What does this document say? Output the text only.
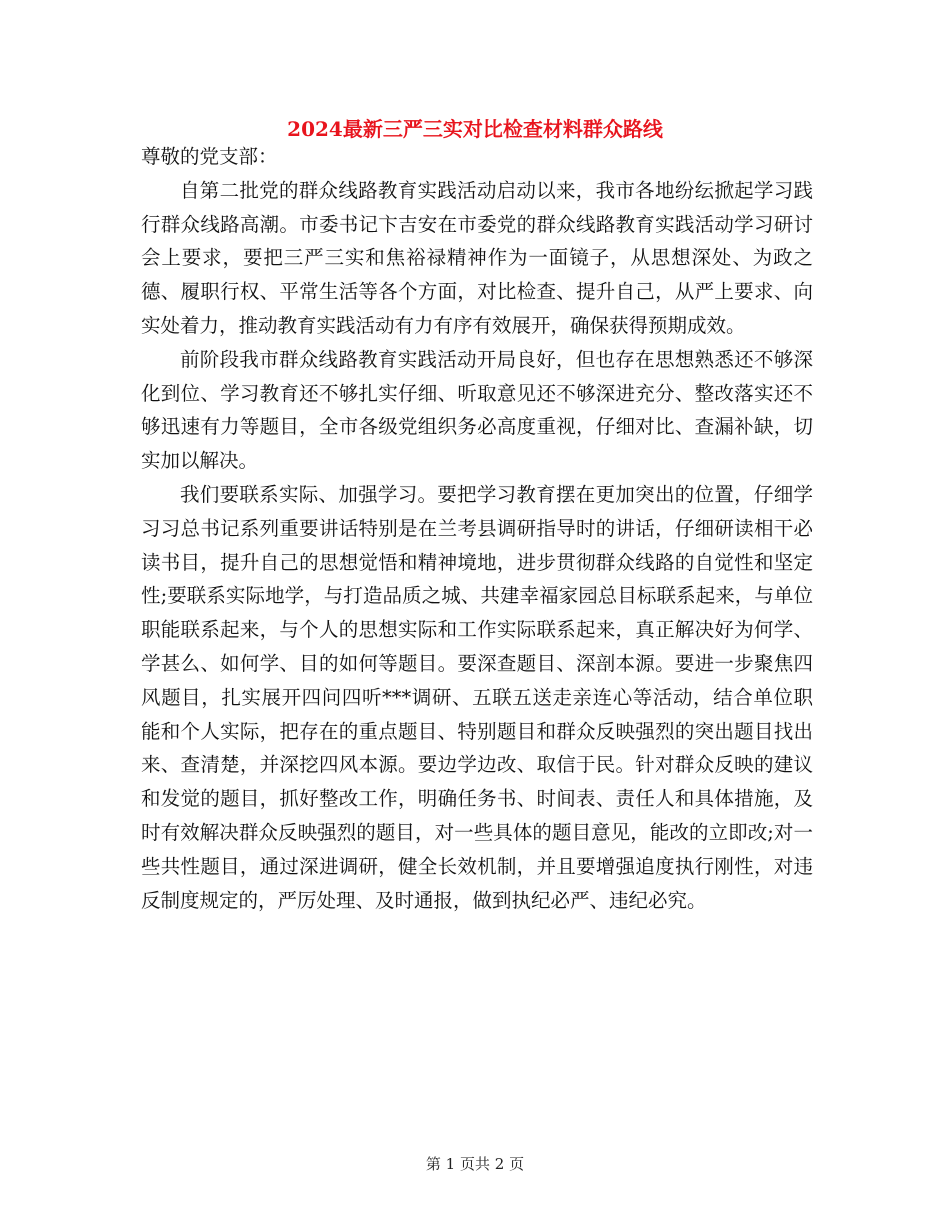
2024最新三严三实对比检查材料群众路线

尊敬的党支部：

自第二批党的群众线路教育实践活动启动以来，我市各地纷纭掀起学习践行群众线路高潮。市委书记卞吉安在市委党的群众线路教育实践活动学习研讨会上要求，要把三严三实和焦裕禄精神作为一面镜子，从思想深处、为政之德、履职行权、平常生活等各个方面，对比检查、提升自己，从严上要求、向实处着力，推动教育实践活动有力有序有效展开，确保获得预期成效。

前阶段我市群众线路教育实践活动开局良好，但也存在思想熟悉还不够深化到位、学习教育还不够扎实仔细、听取意见还不够深进充分、整改落实还不够迅速有力等题目，全市各级党组织务必高度重视，仔细对比、查漏补缺，切实加以解决。

我们要联系实际、加强学习。要把学习教育摆在更加突出的位置，仔细学习习总书记系列重要讲话特别是在兰考县调研指导时的讲话，仔细研读相干必读书目，提升自己的思想觉悟和精神境地，进步贯彻群众线路的自觉性和坚定性;要联系实际地学，与打造品质之城、共建幸福家园总目标联系起来，与单位职能联系起来，与个人的思想实际和工作实际联系起来，真正解决好为何学、学甚么、如何学、目的如何等题目。要深查题目、深剖本源。要进一步聚焦四风题目，扎实展开四问四听***调研、五联五送走亲连心等活动，结合单位职能和个人实际，把存在的重点题目、特别题目和群众反映强烈的突出题目找出来、查清楚，并深挖四风本源。要边学边改、取信于民。针对群众反映的建议和发觉的题目，抓好整改工作，明确任务书、时间表、责任人和具体措施，及时有效解决群众反映强烈的题目，对一些具体的题目意见，能改的立即改;对一些共性题目，通过深进调研，健全长效机制，并且要增强追度执行刚性，对违反制度规定的，严厉处理、及时通报，做到执纪必严、违纪必究。

第 1 页共 2 页
